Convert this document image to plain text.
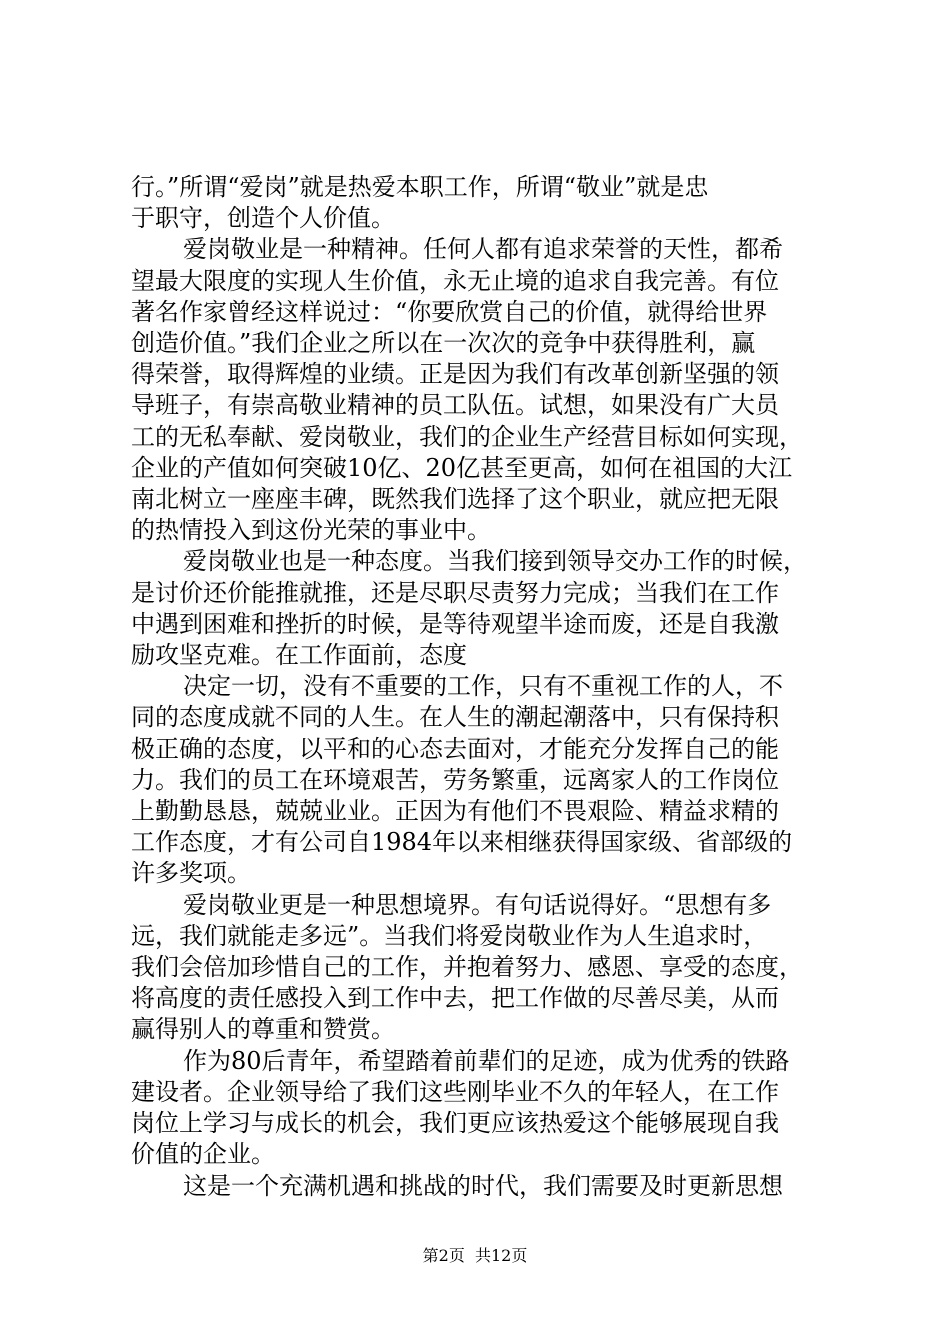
行。”所谓“爱岗”就是热爱本职工作，所谓“敬业”就是忠

于职守，创造个人价值。

爱岗敬业是一种精神。任何人都有追求荣誉的天性，都希

望最大限度的实现人生价值，永无止境的追求自我完善。有位

著名作家曾经这样说过：“你要欣赏自己的价值，就得给世界

创造价值。”我们企业之所以在一次次的竞争中获得胜利，赢

得荣誉，取得辉煌的业绩。正是因为我们有改革创新坚强的领

导班子，有崇高敬业精神的员工队伍。试想，如果没有广大员

工的无私奉献、爱岗敬业，我们的企业生产经营目标如何实现，

企业的产值如何突破10亿、20亿甚至更高，如何在祖国的大江

南北树立一座座丰碑，既然我们选择了这个职业，就应把无限

的热情投入到这份光荣的事业中。

爱岗敬业也是一种态度。当我们接到领导交办工作的时候，

是讨价还价能推就推，还是尽职尽责努力完成；当我们在工作

中遇到困难和挫折的时候，是等待观望半途而废，还是自我激

励攻坚克难。在工作面前，态度

决定一切，没有不重要的工作，只有不重视工作的人，不

同的态度成就不同的人生。在人生的潮起潮落中，只有保持积

极正确的态度，以平和的心态去面对，才能充分发挥自己的能

力。我们的员工在环境艰苦，劳务繁重，远离家人的工作岗位

上勤勤恳恳，兢兢业业。正因为有他们不畏艰险、精益求精的

工作态度，才有公司自1984年以来相继获得国家级、省部级的

许多奖项。

爱岗敬业更是一种思想境界。有句话说得好。“思想有多

远，我们就能走多远”。当我们将爱岗敬业作为人生追求时，

我们会倍加珍惜自己的工作，并抱着努力、感恩、享受的态度，

将高度的责任感投入到工作中去，把工作做的尽善尽美，从而

赢得别人的尊重和赞赏。

作为80后青年，希望踏着前辈们的足迹，成为优秀的铁路

建设者。企业领导给了我们这些刚毕业不久的年轻人，在工作

岗位上学习与成长的机会，我们更应该热爱这个能够展现自我

价值的企业。

这是一个充满机遇和挑战的时代，我们需要及时更新思想

第2页  共12页
